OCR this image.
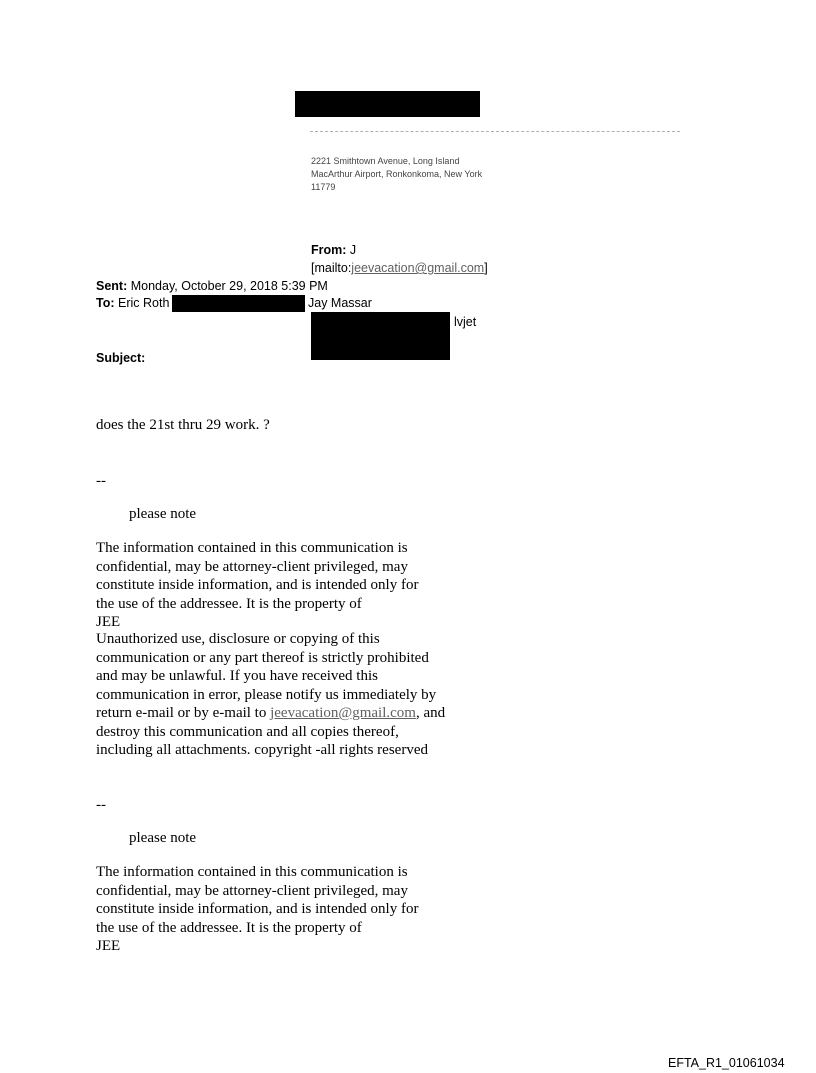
2221 Smithtown Avenue, Long Island
MacArthur Airport, Ronkonkoma, New York
11779
From: J
[mailto:jeevacation@gmail.com]
Sent: Monday, October 29, 2018 5:39 PM
To: Eric Roth	Jay Massar
lvjet
Subject:
does the 21st thru 29 work. ?
--
please note
The information contained in this communication is
confidential, may be attorney-client privileged, may
constitute inside information, and is intended only for
the use of the addressee. It is the property of
JEE
Unauthorized use, disclosure or copying of this
communication or any part thereof is strictly prohibited
and may be unlawful. If you have received this
communication in error, please notify us immediately by
return e-mail or by e-mail to jeevacation@gmail.com, and
destroy this communication and all copies thereof,
including all attachments. copyright -all rights reserved
--
please note
The information contained in this communication is
confidential, may be attorney-client privileged, may
constitute inside information, and is intended only for
the use of the addressee. It is the property of
JEE
EFTA_R1_01061034
